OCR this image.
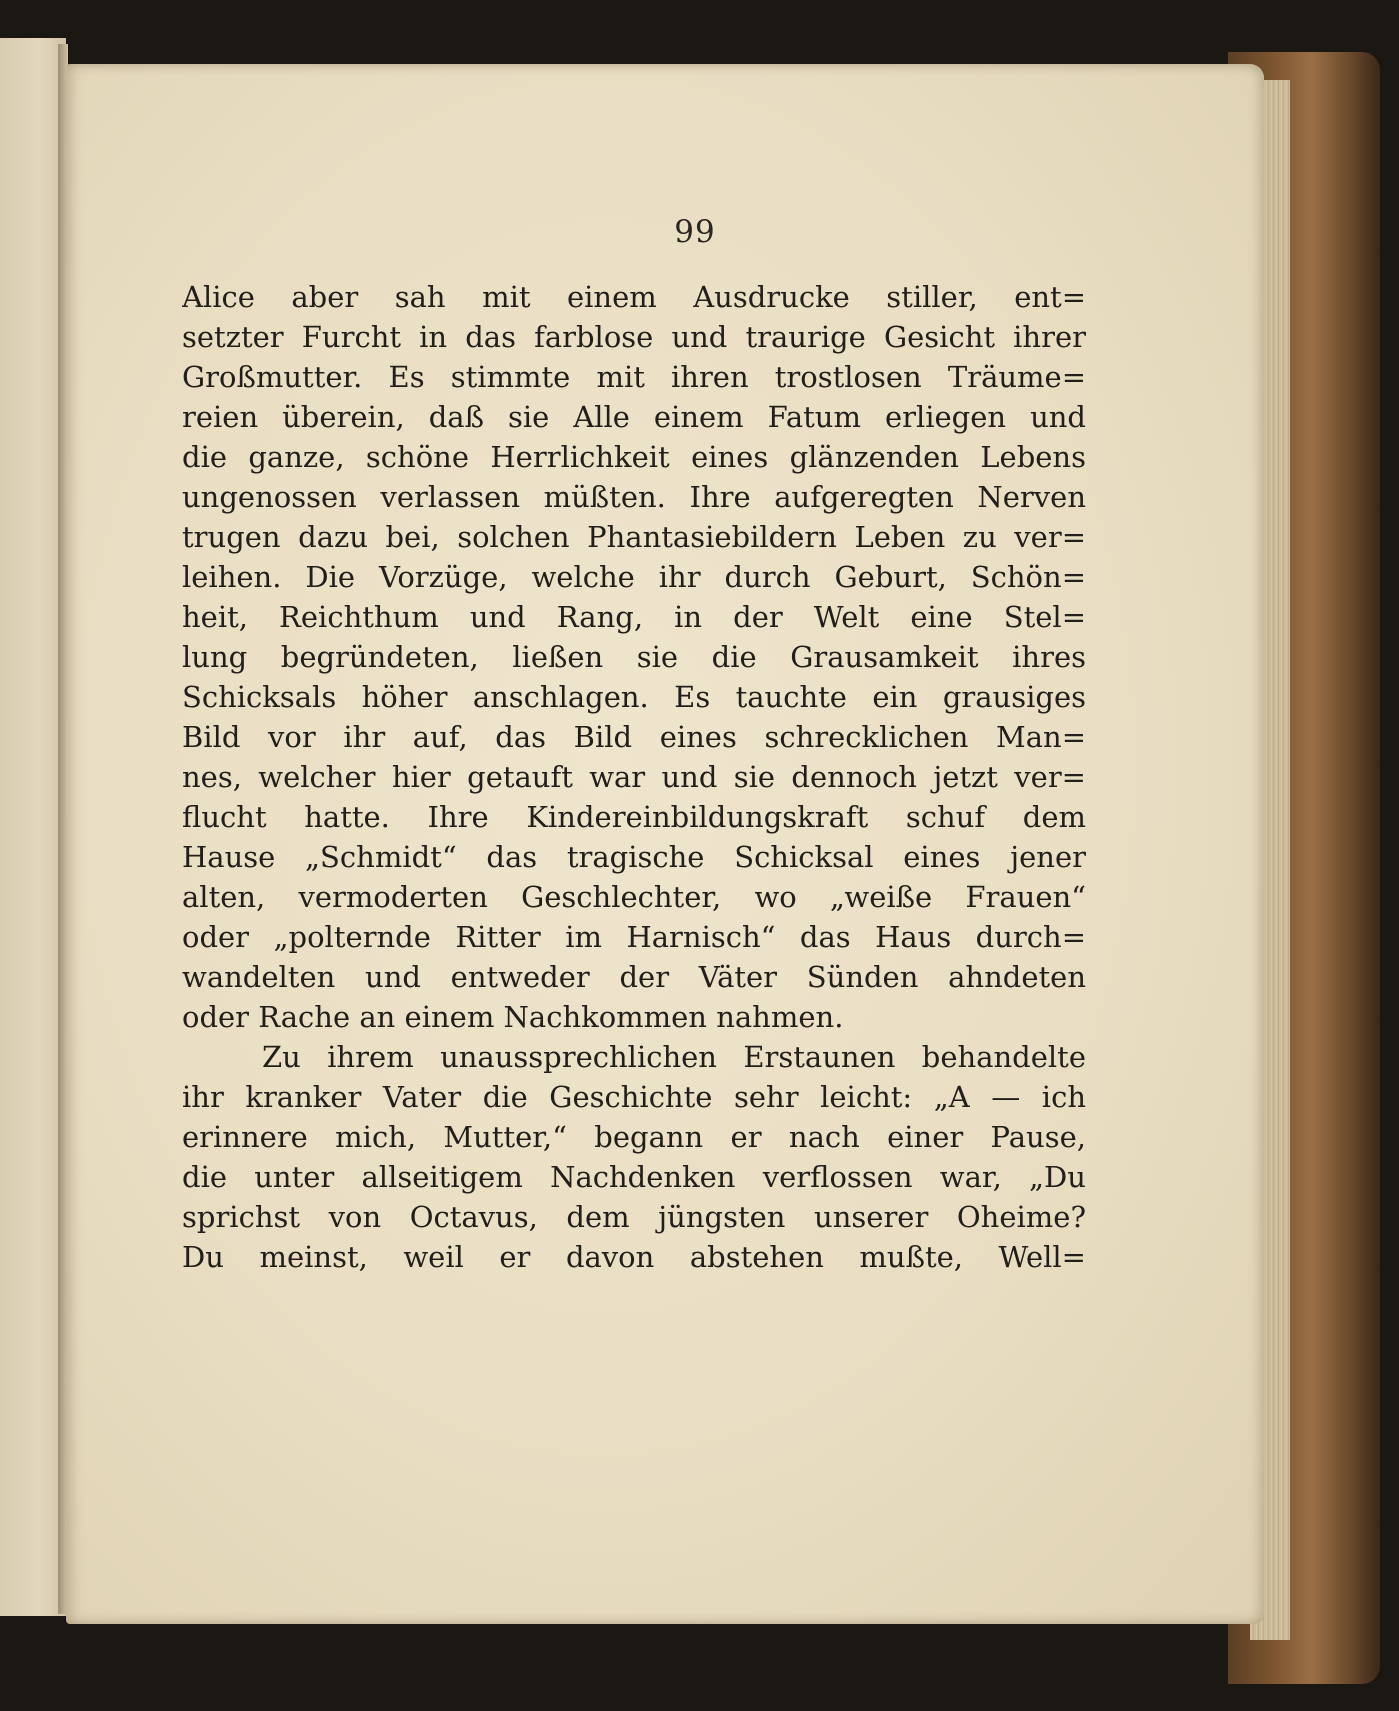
99
Alice aber sah mit einem Ausdrucke stiller, ent=
setzter Furcht in das farblose und traurige Gesicht ihrer
Großmutter. Es stimmte mit ihren trostlosen Träume=
reien überein, daß sie Alle einem Fatum erliegen und
die ganze, schöne Herrlichkeit eines glänzenden Lebens
ungenossen verlassen müßten. Ihre aufgeregten Nerven
trugen dazu bei, solchen Phantasiebildern Leben zu ver=
leihen. Die Vorzüge, welche ihr durch Geburt, Schön=
heit, Reichthum und Rang, in der Welt eine Stel=
lung begründeten, ließen sie die Grausamkeit ihres
Schicksals höher anschlagen. Es tauchte ein grausiges
Bild vor ihr auf, das Bild eines schrecklichen Man=
nes, welcher hier getauft war und sie dennoch jetzt ver=
flucht hatte. Ihre Kindereinbildungskraft schuf dem
Hause „Schmidt“ das tragische Schicksal eines jener
alten, vermoderten Geschlechter, wo „weiße Frauen“
oder „polternde Ritter im Harnisch“ das Haus durch=
wandelten und entweder der Väter Sünden ahndeten
oder Rache an einem Nachkommen nahmen.
Zu ihrem unaussprechlichen Erstaunen behandelte
ihr kranker Vater die Geschichte sehr leicht: „A — ich
erinnere mich, Mutter,“ begann er nach einer Pause,
die unter allseitigem Nachdenken verflossen war, „Du
sprichst von Octavus, dem jüngsten unserer Oheime?
Du meinst, weil er davon abstehen mußte, Well=
